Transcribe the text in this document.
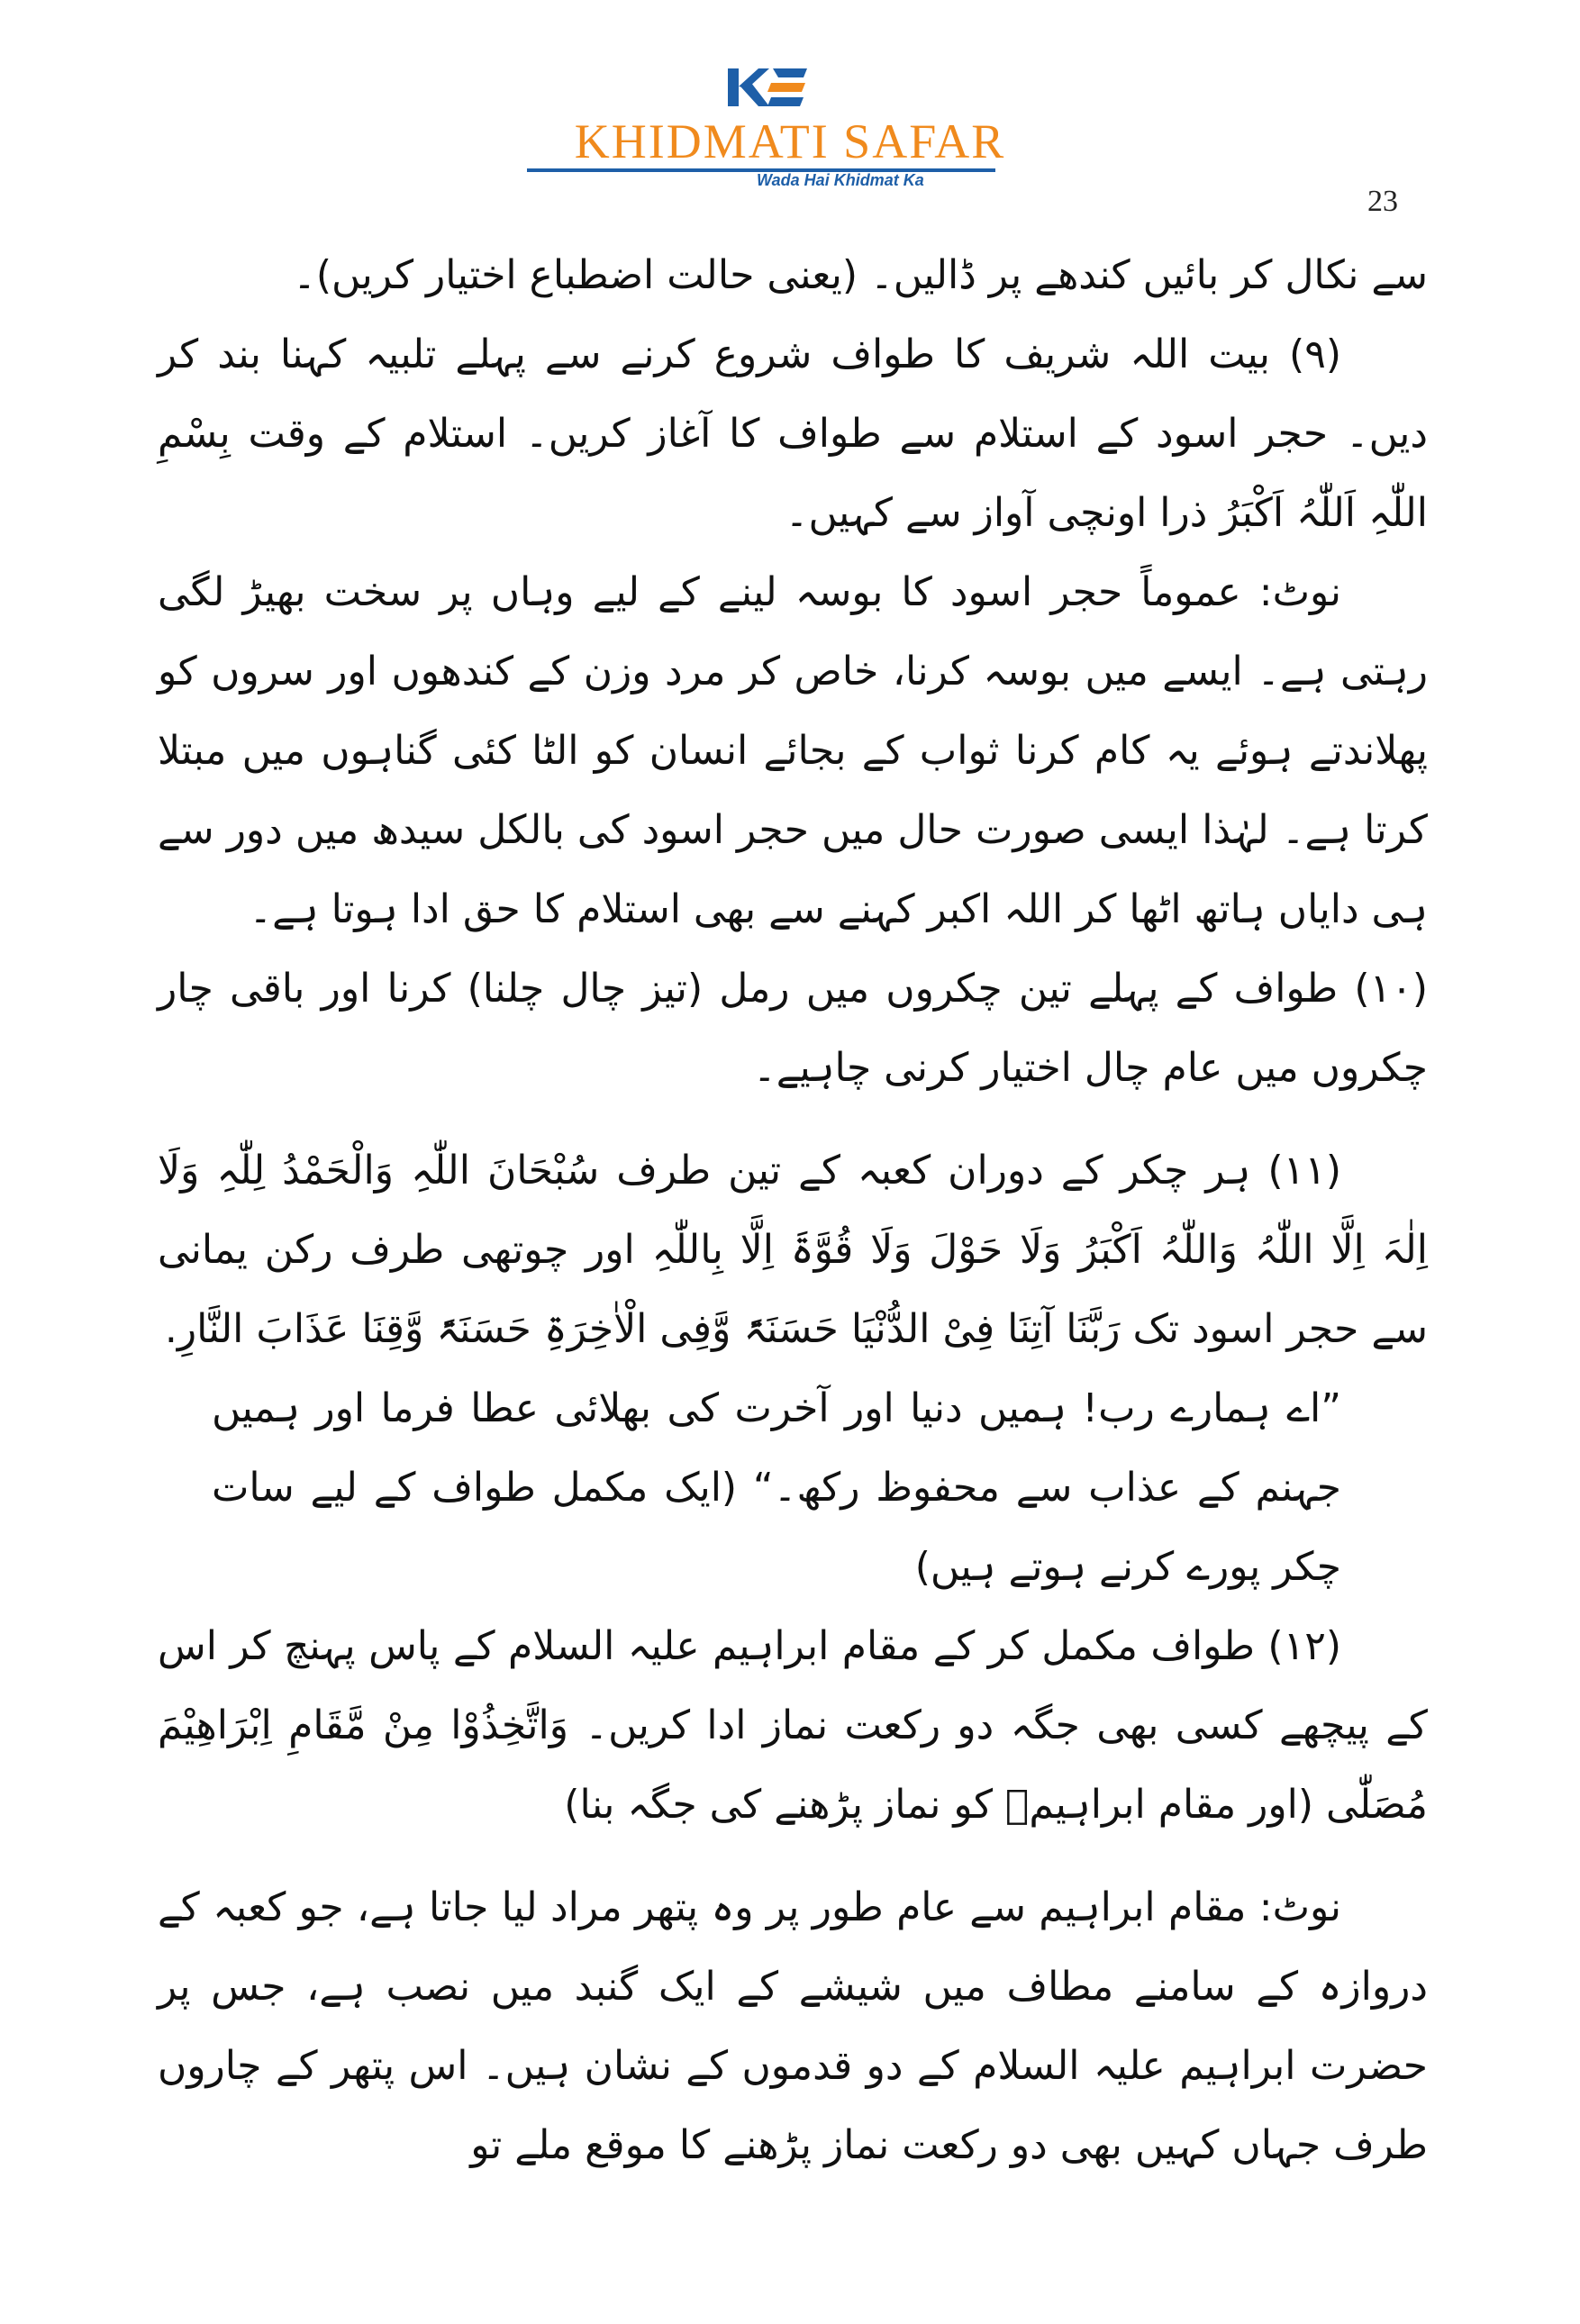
KHIDMATI SAFAR
Wada Hai Khidmat Ka
23

سے نکال کر بائیں کندھے پر ڈالیں۔ (یعنی حالت اضطباع اختیار کریں)۔

(۹) بیت اللہ شریف کا طواف شروع کرنے سے پہلے تلبیہ کہنا بند کر دیں۔ حجر اسود کے استلام سے طواف کا آغاز کریں۔ استلام کے وقت بِسْمِ اللّٰہِ اَللّٰہُ اَکْبَرُ ذرا اونچی آواز سے کہیں۔

نوٹ: عموماً حجر اسود کا بوسہ لینے کے لیے وہاں پر سخت بھیڑ لگی رہتی ہے۔ ایسے میں بوسہ کرنا، خاص کر مرد وزن کے کندھوں اور سروں کو پھلاندتے ہوئے یہ کام کرنا ثواب کے بجائے انسان کو الٹا کئی گناہوں میں مبتلا کرتا ہے۔ لہٰذا ایسی صورت حال میں حجر اسود کی بالکل سیدھ میں دور سے ہی دایاں ہاتھ اٹھا کر اللہ اکبر کہنے سے بھی استلام کا حق ادا ہوتا ہے۔

(۱۰) طواف کے پہلے تین چکروں میں رمل (تیز چال چلنا) کرنا اور باقی چار چکروں میں عام چال اختیار کرنی چاہیے۔

(۱۱) ہر چکر کے دوران کعبہ کے تین طرف سُبْحَانَ اللّٰہِ وَالْحَمْدُ لِلّٰہِ وَلَا اِلٰہَ اِلَّا اللّٰہُ وَاللّٰہُ اَکْبَرُ وَلَا حَوْلَ وَلَا قُوَّۃَ اِلَّا بِاللّٰہِ اور چوتھی طرف رکن یمانی سے حجر اسود تک رَبَّنَا آتِنَا فِیْ الدُّنْیَا حَسَنَۃً وَّفِی الْاٰخِرَۃِ حَسَنَۃً وَّقِنَا عَذَابَ النَّارِ.

”اے ہمارے رب! ہمیں دنیا اور آخرت کی بھلائی عطا فرما اور ہمیں جہنم کے عذاب سے محفوظ رکھ۔“ (ایک مکمل طواف کے لیے سات چکر پورے کرنے ہوتے ہیں)

(۱۲) طواف مکمل کر کے مقام ابراہیم علیہ السلام کے پاس پہنچ کر اس کے پیچھے کسی بھی جگہ دو رکعت نماز ادا کریں۔ وَاتَّخِذُوْا مِنْ مَّقَامِ اِبْرَاھِیْمَ مُصَلّٰی (اور مقام ابراہیمؑ کو نماز پڑھنے کی جگہ بنا)

نوٹ: مقام ابراہیم سے عام طور پر وہ پتھر مراد لیا جاتا ہے، جو کعبہ کے دروازہ کے سامنے مطاف میں شیشے کے ایک گنبد میں نصب ہے، جس پر حضرت ابراہیم علیہ السلام کے دو قدموں کے نشان ہیں۔ اس پتھر کے چاروں طرف جہاں کہیں بھی دو رکعت نماز پڑھنے کا موقع ملے تو
